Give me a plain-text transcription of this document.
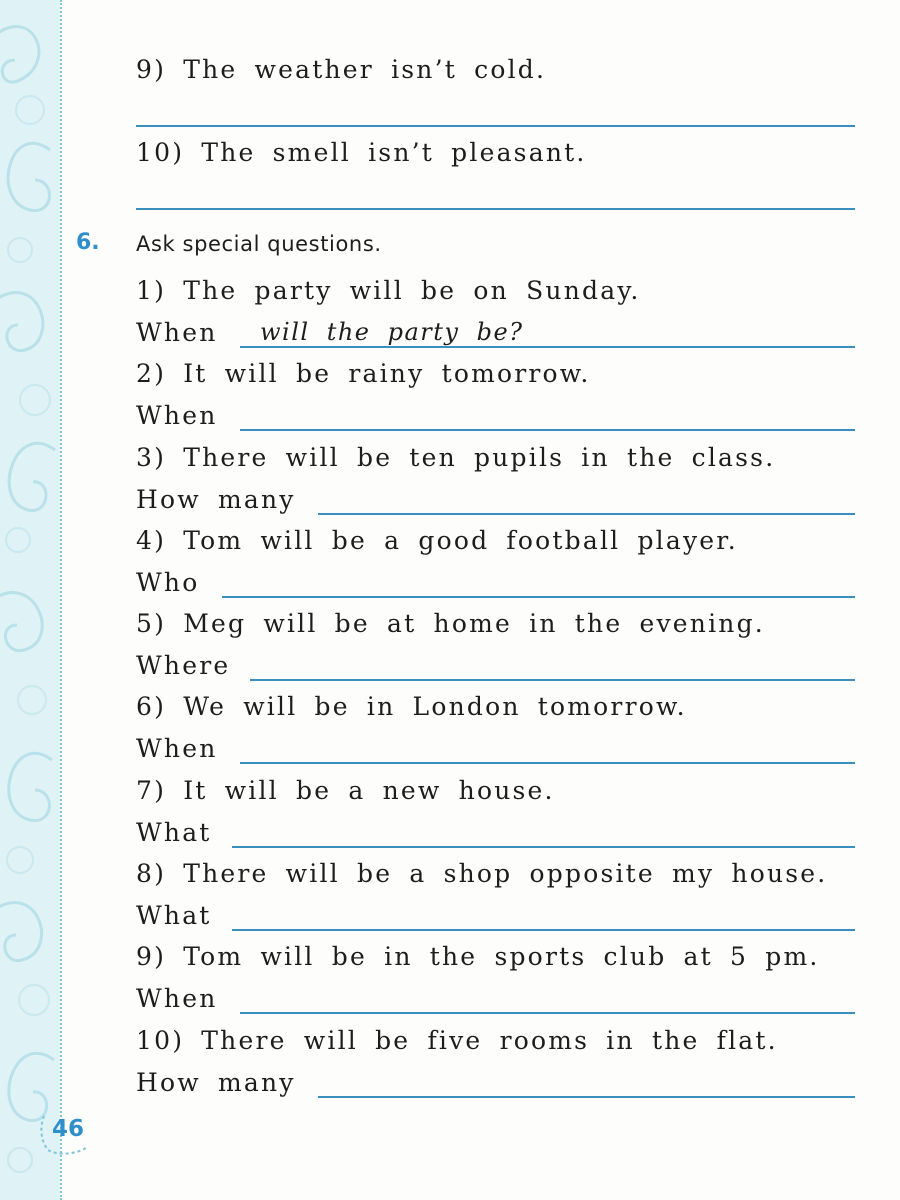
9) The weather isn’t cold.
10) The smell isn’t pleasant.
6. Ask special questions.
1) The party will be on Sunday.
When will the party be?
2) It will be rainy tomorrow.
When
3) There will be ten pupils in the class.
How many
4) Tom will be a good football player.
Who
5) Meg will be at home in the evening.
Where
6) We will be in London tomorrow.
When
7) It will be a new house.
What
8) There will be a shop opposite my house.
What
9) Tom will be in the sports club at 5 pm.
When
10) There will be five rooms in the flat.
How many
46
